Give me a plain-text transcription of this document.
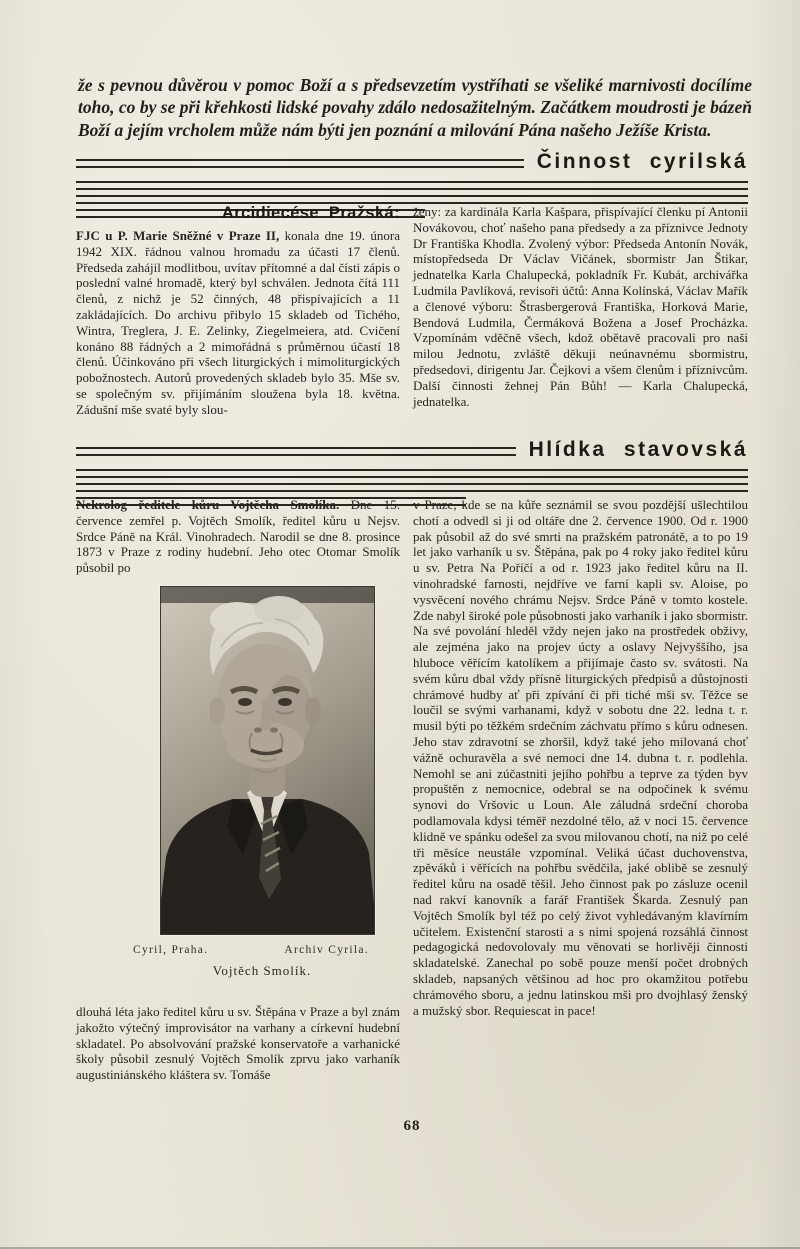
že s pevnou důvěrou v pomoc Boží a s předsevzetím vystříhati se všeliké marnivosti docílíme toho, co by se při křehkosti lidské povahy zdálo nedosažitelným. Začátkem moudrosti je bázeň Boží a jejím vrcholem může nám býti jen poznání a milování Pána našeho Ježíše Krista.

Činnost cyrilská
Arcidiecése Pražská:

FJC u P. Marie Sněžné v Praze II, konala dne 19. února 1942 XIX. řádnou valnou hromadu za účasti 17 členů. Předseda zahájil modlitbou, uvítav přítomné a dal čísti zápis o poslední valné hromadě, který byl schválen. Jednota čítá 111 členů, z nichž je 52 činných, 48 přispívajících a 11 zakládajících. Do archivu přibylo 15 skladeb od Tichého, Wintra, Treglera, J. E. Zelinky, Ziegelmeiera, atd. Cvičení konáno 88 řádných a 2 mimořádná s průměrnou účastí 18 členů. Účinkováno při všech liturgických i mimoliturgických pobožnostech. Autorů provedených skladeb bylo 35. Mše sv. se společným sv. přijímáním sloužena byla 18. května. Zádušní mše svaté byly slou-

ženy: za kardinála Karla Kašpara, přispívající členku pí Antonii Novákovou, choť našeho pana předsedy a za příznivce Jednoty Dr Františka Khodla. Zvolený výbor: Předseda Antonín Novák, místopředseda Dr Václav Vičánek, sbormistr Jan Štikar, jednatelka Karla Chalupecká, pokladník Fr. Kubát, archivářka Ludmila Pavlíková, revisoři účtů: Anna Kolínská, Václav Mařík a členové výboru: Štrasbergerová Františka, Horková Marie, Bendová Ludmila, Čermáková Božena a Josef Procházka. Vzpomínám vděčně všech, kdož obětavě pracovali pro naši milou Jednotu, zvláště děkuji neúnavnému sbormistru, předsedovi, dirigentu Jar. Čejkovi a všem členům i příznivcům. Další činnosti žehnej Pán Bůh! — Karla Chalupecká, jednatelka.

Hlídka stavovská

Nekrolog ředitele kůru Vojtěcha Smolíka. Dne 15. července zemřel p. Vojtěch Smolík, ředitel kůru u Nejsv. Srdce Páně na Král. Vinohradech. Narodil se dne 8. prosince 1873 v Praze z rodiny hudební. Jeho otec Otomar Smolík působil po

Cyril, Praha.	Archiv Cyrila.
Vojtěch Smolík.

dlouhá léta jako ředitel kůru u sv. Štěpána v Praze a byl znám jakožto výtečný improvisátor na varhany a církevní hudební skladatel. Po absolvování pražské konservatoře a varhanické školy působil zesnulý Vojtěch Smolík zprvu jako varhaník augustiniánského kláštera sv. Tomáše

v Praze, kde se na kůře seznámil se svou pozdější ušlechtilou chotí a odvedl si ji od oltáře dne 2. července 1900. Od r. 1900 pak působil až do své smrti na pražském patronátě, a to po 19 let jako varhaník u sv. Štěpána, pak po 4 roky jako ředitel kůru u sv. Petra Na Poříčí a od r. 1923 jako ředitel kůru na II. vinohradské farnosti, nejdříve ve farní kapli sv. Aloise, po vysvěcení nového chrámu Nejsv. Srdce Páně v tomto kostele. Zde nabyl široké pole působnosti jako varhaník i jako sbormistr. Na své povolání hleděl vždy nejen jako na prostředek obživy, ale zejména jako na projev úcty a oslavy Nejvyššího, jsa hluboce věřícím katolíkem a přijímaje často sv. svátosti. Na svém kůru dbal vždy přísně liturgických předpisů a důstojnosti chrámové hudby ať při zpívání či při tiché mši sv. Těžce se loučil se svými varhanami, když v sobotu dne 22. ledna t. r. musil býti po těžkém srdečním záchvatu přímo s kůru odnesen. Jeho stav zdravotní se zhoršil, když také jeho milovaná choť vážně ochuravěla a své nemoci dne 14. dubna t. r. podlehla. Nemohl se ani zúčastniti jejího pohřbu a teprve za týden byv propuštěn z nemocnice, odebral se na odpočinek k svému synovi do Vršovic u Loun. Ale záludná srdeční choroba podlamovala kdysi téměř nezdolné tělo, až v noci 15. července klidně ve spánku odešel za svou milovanou chotí, na niž po celé tři měsíce neustále vzpomínal. Veliká účast duchovenstva, zpěváků i věřících na pohřbu svědčila, jaké oblibě se zesnulý ředitel kůru na osadě těšil. Jeho činnost pak po zásluze ocenil nad rakví kanovník a farář František Škarda. Zesnulý pan Vojtěch Smolík byl též po celý život vyhledávaným klavírním učitelem. Existenční starosti a s nimi spojená rozsáhlá činnost pedagogická nedovolovaly mu věnovati se horlivěji činnosti skladatelské. Zanechal po sobě pouze menší počet drobných skladeb, napsaných většinou ad hoc pro okamžitou potřebu chrámového sboru, a jednu latinskou mši pro dvojhlasý ženský a mužský sbor. Requiescat in pace!

68
